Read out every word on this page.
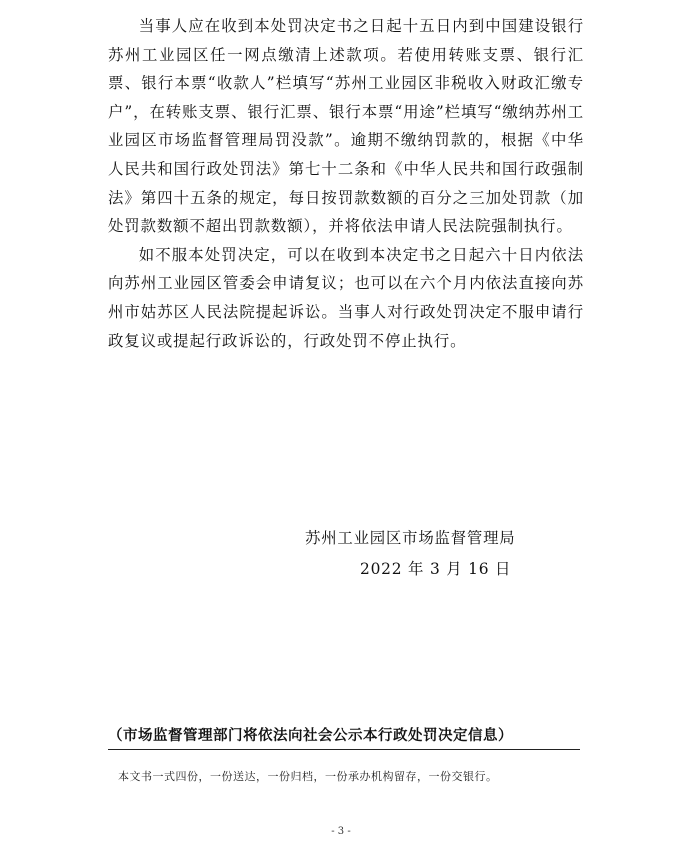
当事人应在收到本处罚决定书之日起十五日内到中国建设银行苏州工业园区任一网点缴清上述款项。若使用转账支票、银行汇票、银行本票“收款人”栏填写“苏州工业园区非税收入财政汇缴专户”，在转账支票、银行汇票、银行本票“用途”栏填写“缴纳苏州工业园区市场监督管理局罚没款”。逾期不缴纳罚款的，根据《中华人民共和国行政处罚法》第七十二条和《中华人民共和国行政强制法》第四十五条的规定，每日按罚款数额的百分之三加处罚款（加处罚款数额不超出罚款数额），并将依法申请人民法院强制执行。

如不服本处罚决定，可以在收到本决定书之日起六十日内依法向苏州工业园区管委会申请复议；也可以在六个月内依法直接向苏州市姑苏区人民法院提起诉讼。当事人对行政处罚决定不服申请行政复议或提起行政诉讼的，行政处罚不停止执行。

苏州工业园区市场监督管理局
2022 年 3 月 16 日
（市场监督管理部门将依法向社会公示本行政处罚决定信息）
本文书一式四份，一份送达，一份归档，一份承办机构留存，一份交银行。
- 3 -
